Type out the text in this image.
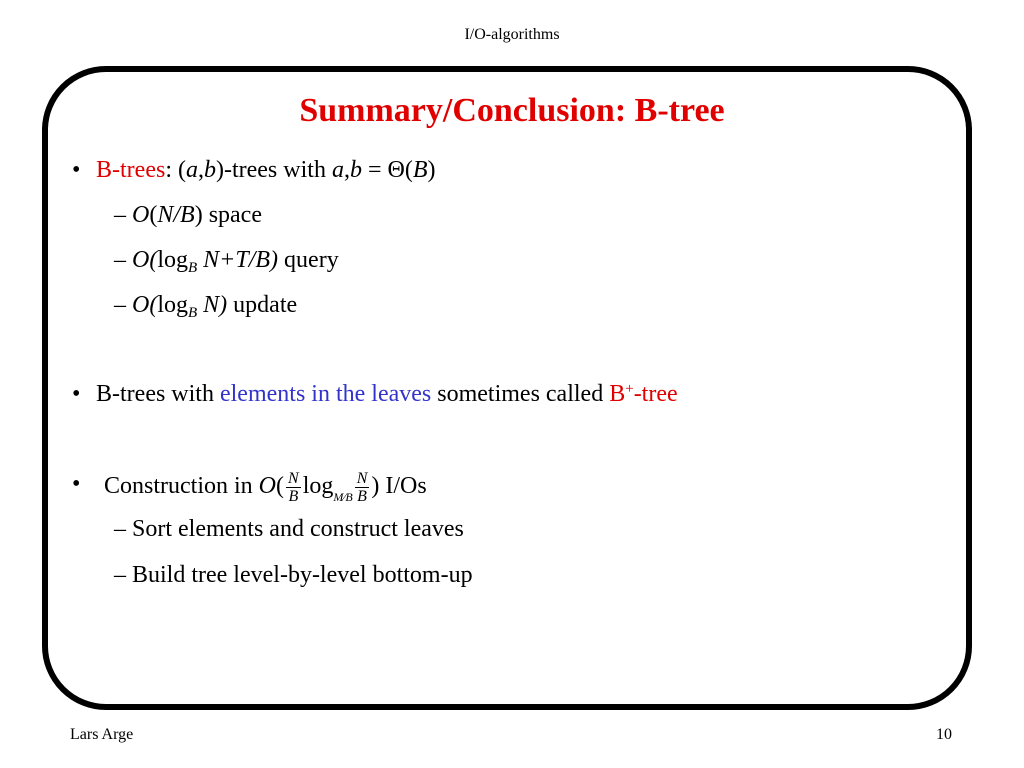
I/O-algorithms
Summary/Conclusion: B-tree
• B-trees: (a,b)-trees with a,b = Θ(B)
– O(N/B) space
– $O(\log_B$ N+T/B) query
– $O(\log_B$ N) update
• B-trees with elements in the leaves sometimes called B+-tree
• Construction in $O( \frac{N}{B}$ logM⁄B $\frac{N}{B}$ ) I/Os
– Sort elements and construct leaves
– Build tree level-by-level bottom-up
Lars Arge	10
